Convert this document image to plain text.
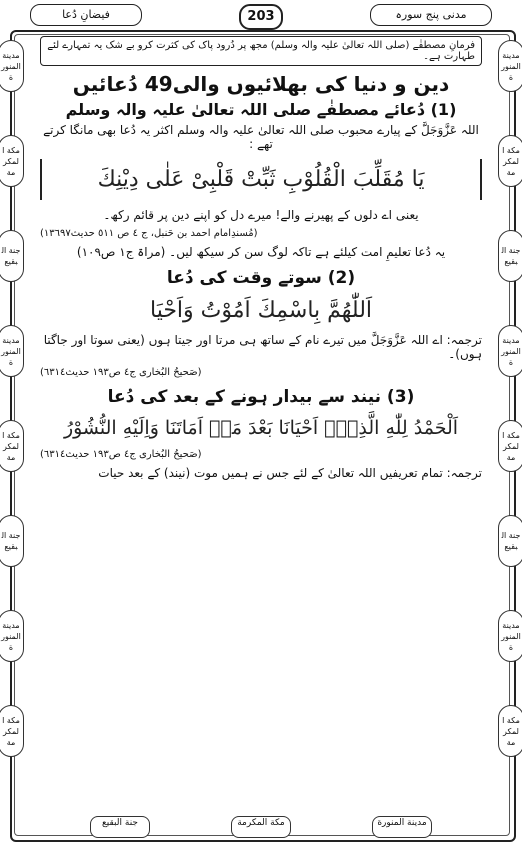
فیضانِ دُعا	203	مدنی پنج سورہ
مدینة المنورة
مکة المکرمة
جنة البقیع
مدینة المنورة
مکة المکرمة
جنة البقیع
مدینة المنورة
مکة المکرمة
مدینة المنورة
مکة المکرمة
جنة البقیع
مدینة المنورة
مکة المکرمة
جنة البقیع
مدینة المنورة
مکة المکرمة
جنة البقیع	مکة المکرمة	مدینة المنورة
فرمانِ مصطفٰے (صلی اللہ تعالیٰ علیہ والہ وسلم) مجھ پر دُرود پاک کی کثرت کرو بے شک یہ تمہارے لئے طہارت ہے۔
دین و دنیا کی بھلائیوں والی49 دُعائیں
(1) دُعائے مصطفٰے صلی اللہ تعالیٰ علیہ والہ وسلم
اللہ عَزَّوَجَلَّ کے پیارے محبوب صلی اللہ تعالیٰ علیہ والہ وسلم اکثر یہ دُعا بھی مانگا کرتے تھے :
یَا مُقَلِّبَ الْقُلُوْبِ ثَبِّتْ قَلْبِیْ عَلٰی دِیْنِكَ
یعنی اے دلوں کے پھیرنے والے! میرے دل کو اپنے دین پر قائم رکھ۔
(مُسندِامام احمد بن حَنبل، ج ٤ ص ٥١١ حدیث١٣٦٩٧)
یہ دُعا تعلیمِ امت کیلئے ہے تاکہ لوگ سن کر سیکھ لیں۔ (مراۃ ج١ ص١٠٩)
(2) سوتے وقت کی دُعا
اَللّٰھُمَّ بِاسْمِكَ اَمُوْتُ وَاَحْیَا
ترجمہ: اے اللہ عَزَّوَجَلَّ میں تیرے نام کے ساتھ ہی مرتا اور جیتا ہوں (یعنی سوتا اور جاگتا ہوں)۔
(صَحیحُ البُخاری ج٤ ص١٩٣ حدیث٦٣١٤)
(3) نیند سے بیدار ہونے کے بعد کی دُعا
اَلْحَمْدُ لِلّٰهِ الَّذِیْۤ اَحْیَانَا بَعْدَ مَاۤ اَمَاتَنَا وَاِلَیْهِ النُّشُوْرُ
(صَحیحُ البُخاری ج٤ ص١٩٣ حدیث٦٣١٤)
ترجمہ: تمام تعریفیں اللہ تعالیٰ کے لئے جس نے ہمیں موت (نیند) کے بعد حیات
